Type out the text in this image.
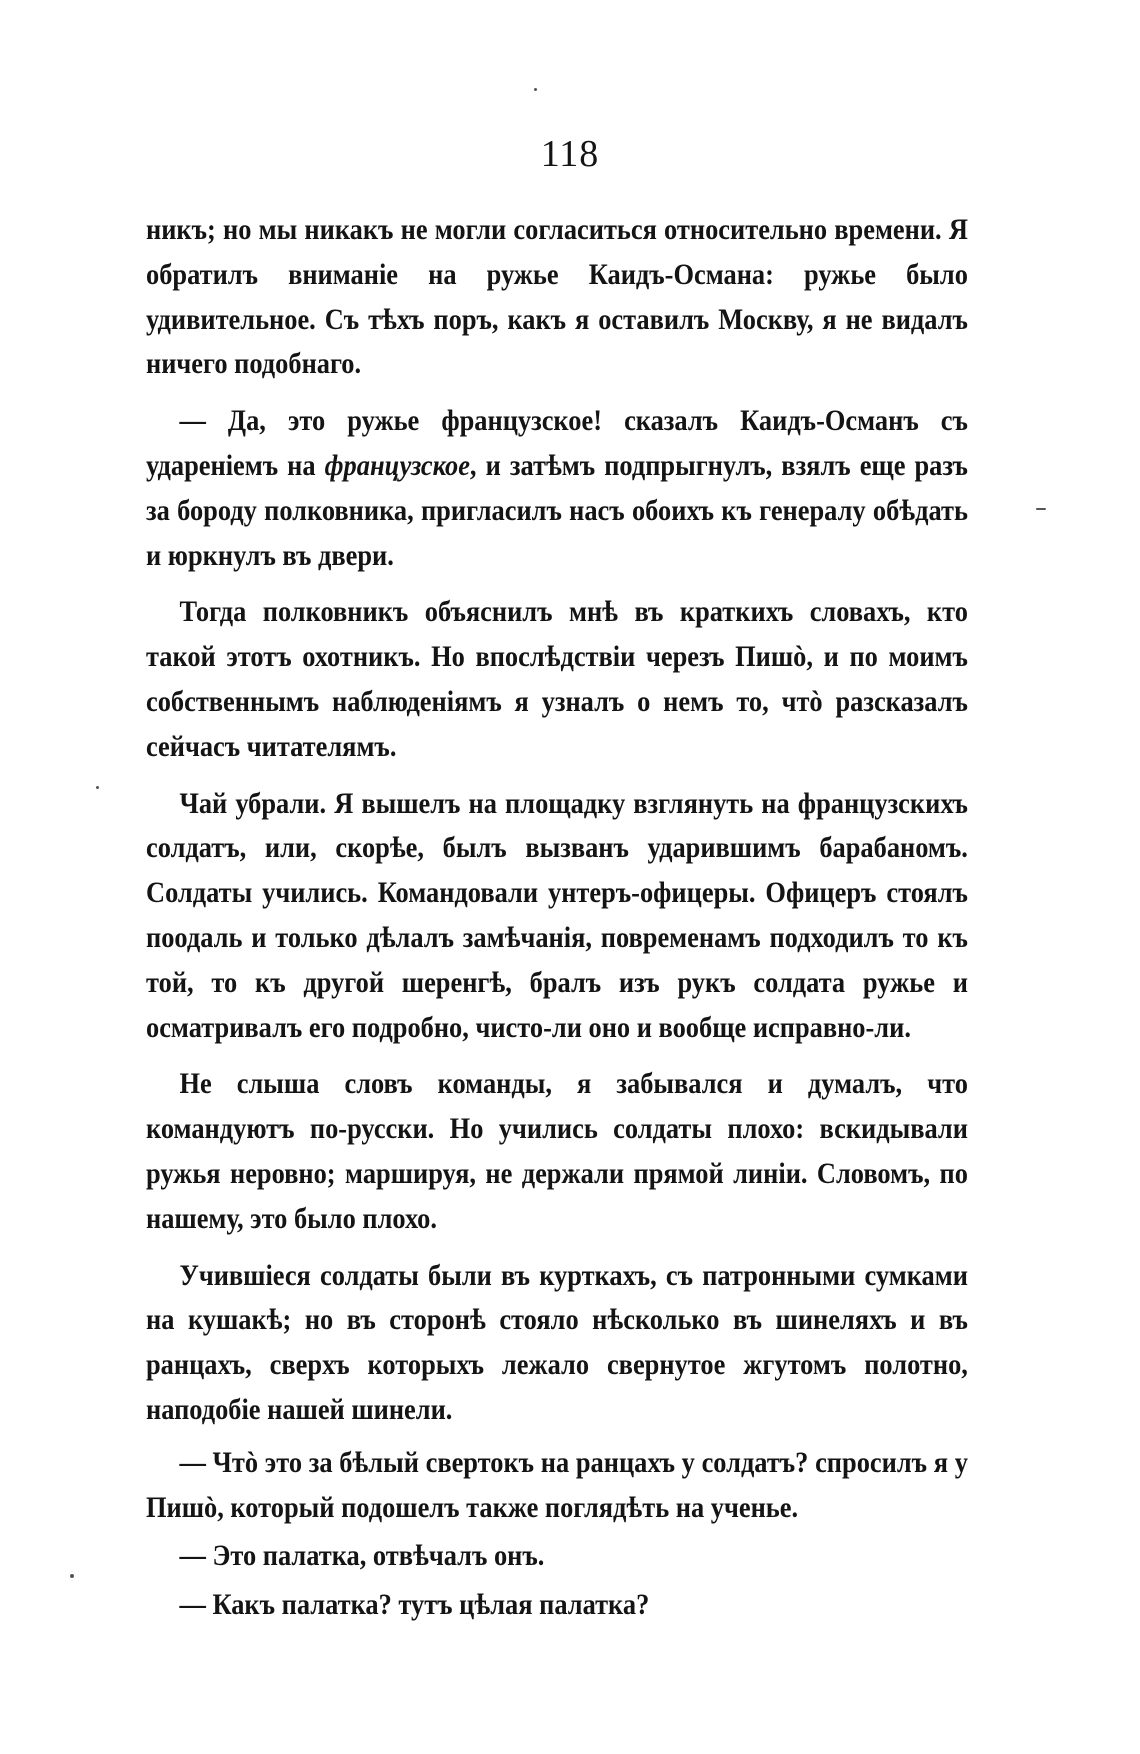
118

никъ; но мы никакъ не могли согласиться относительно времени. Я обратилъ вниманіе на ружье Каидъ-Османа: ружье было удивительное. Съ тѣхъ поръ, какъ я оставилъ Москву, я не видалъ ничего подобнаго.

— Да, это ружье французское! сказалъ Каидъ-Османъ съ удареніемъ на французское, и затѣмъ подпрыгнулъ, взялъ еще разъ за бороду полковника, пригласилъ насъ обоихъ къ генералу обѣдать и юркнулъ въ двери.

Тогда полковникъ объяснилъ мнѣ въ краткихъ словахъ, кто такой этотъ охотникъ. Но впослѣдствіи черезъ Пишò, и по моимъ собственнымъ наблюденіямъ я узналъ о немъ то, чтò разсказалъ сейчасъ читателямъ.

Чай убрали. Я вышелъ на площадку взглянуть на французскихъ солдатъ, или, скорѣе, былъ вызванъ ударившимъ барабаномъ. Солдаты учились. Командовали унтеръ-офицеры. Офицеръ стоялъ поодаль и только дѣлалъ замѣчанія, повременамъ подходилъ то къ той, то къ другой шеренгѣ, бралъ изъ рукъ солдата ружье и осматривалъ его подробно, чисто-ли оно и вообще исправно-ли.

Не слыша словъ команды, я забывался и думалъ, что командуютъ по-русски. Но учились солдаты плохо: вскидывали ружья неровно; маршируя, не держали прямой линіи. Словомъ, по нашему, это было плохо.

Учившіеся солдаты были въ курткахъ, съ патронными сумками на кушакѣ; но въ сторонѣ стояло нѣсколько въ шинеляхъ и въ ранцахъ, сверхъ которыхъ лежало свернутое жгутомъ полотно, наподобіе нашей шинели.

— Чтò это за бѣлый свертокъ на ранцахъ у солдатъ? спросилъ я у Пишò, который подошелъ также поглядѣть на ученье.

— Это палатка, отвѣчалъ онъ.

— Какъ палатка? тутъ цѣлая палатка?
